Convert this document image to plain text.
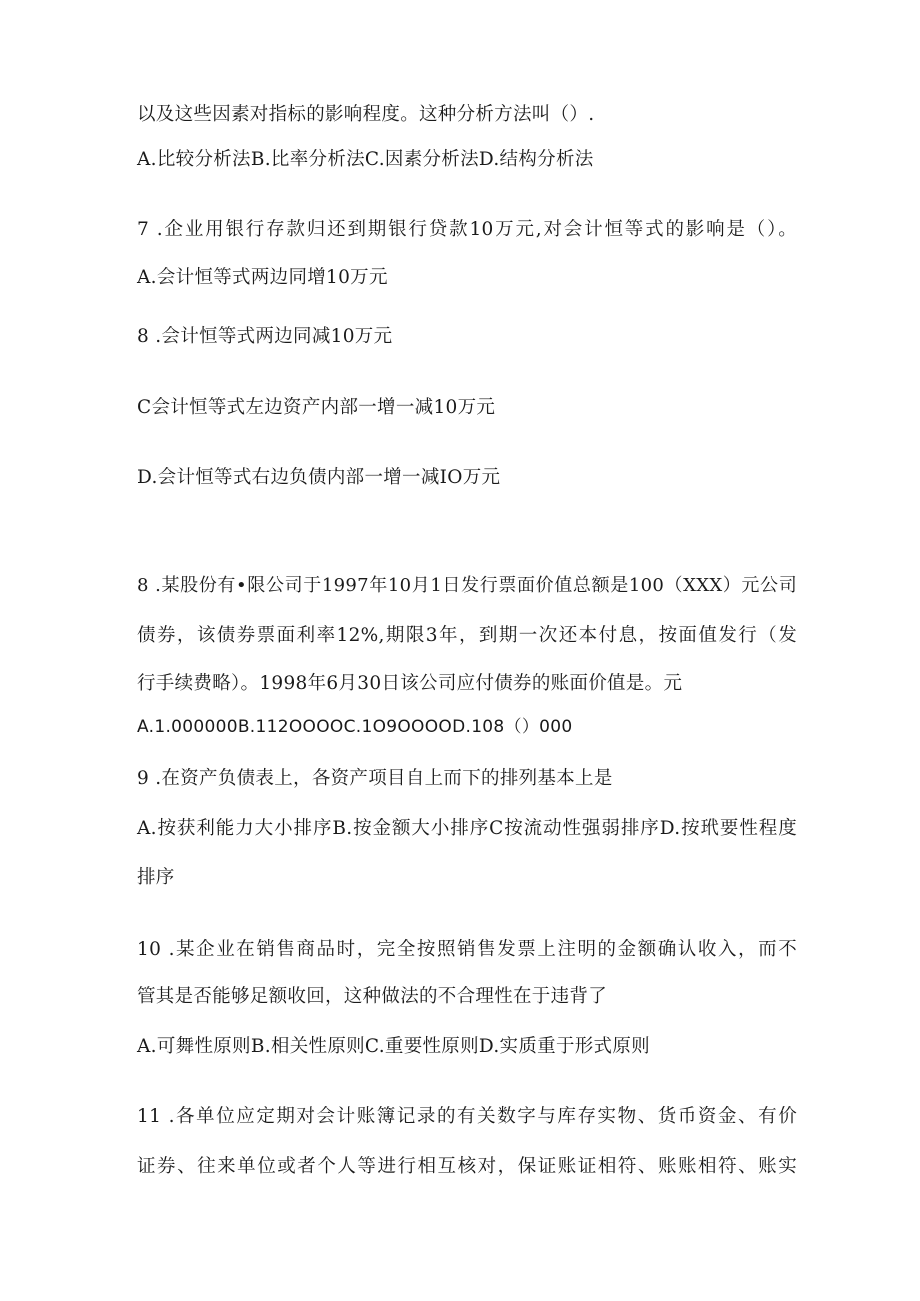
以及这些因素对指标的影响程度。这种分析方法叫（）.
A.比较分析法B.比率分析法C.因素分析法D.结构分析法
7 .企业用银行存款归还到期银行贷款10万元,对会计恒等式的影响是（）。
A.会计恒等式两边同增10万元
8 .会计恒等式两边同减10万元
C会计恒等式左边资产内部一增一减10万元
D.会计恒等式右边负债内部一增一减IO万元
8 .某股份有•限公司于1997年10月1日发行票面价值总额是100（XXX）元公司
债券，该债券票面利率12%,期限3年，到期一次还本付息，按面值发行（发
行手续费略）。1998年6月30日该公司应付债券的账面价值是。元
A.1.000000B.112OOOOC.1O9OOOOD.108（）000
9 .在资产负债表上，各资产项目自上而下的排列基本上是
A.按获利能力大小排序B.按金额大小排序C按流动性强弱排序D.按玳要性程度
排序
10 .某企业在销售商品时，完全按照销售发票上注明的金额确认收入，而不
管其是否能够足额收回，这种做法的不合理性在于违背了
A.可舞性原则B.相关性原则C.重要性原则D.实质重于形式原则
11 .各单位应定期对会计账簿记录的有关数字与库存实物、货币资金、有价
证券、往来单位或者个人等进行相互核对，保证账证相符、账账相符、账实
